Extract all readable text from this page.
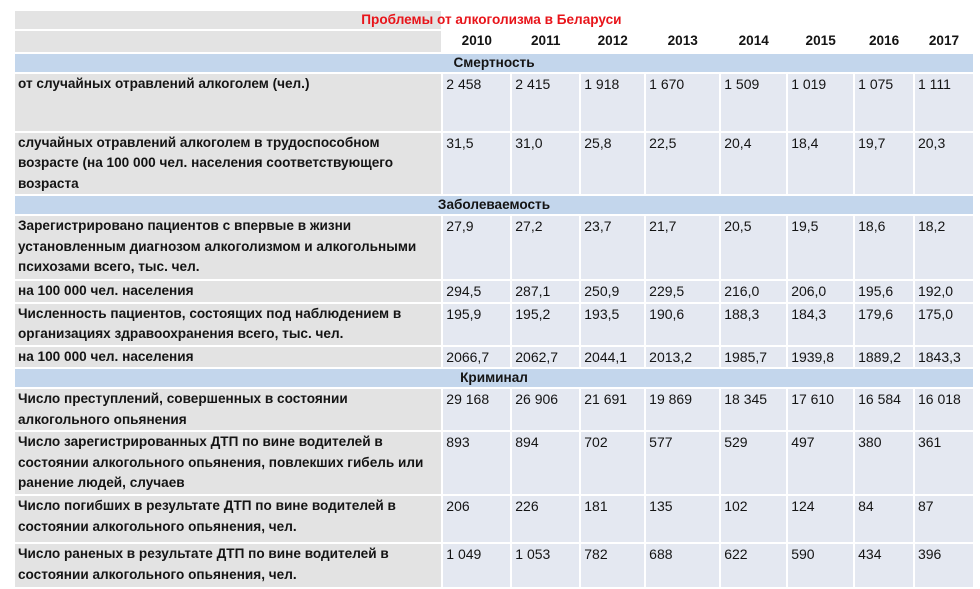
	Проблемы от алкоголизма в Беларуси							
	2010	2011	2012	2013	2014	2015	2016	2017
Смертность								
от случайных отравлений алкоголем (чел.)	2 458	2 415	1 918	1 670	1 509	1 019	1 075	1 111
случайных отравлений алкоголем в трудоспособном возрасте (на 100 000 чел. населения соответствующего возраста	31,5	31,0	25,8	22,5	20,4	18,4	19,7	20,3
Заболеваемость								
Зарегистрировано пациентов с впервые в жизни установленным диагнозом алкоголизмом и алкогольными психозами всего, тыс. чел.	27,9	27,2	23,7	21,7	20,5	19,5	18,6	18,2
на 100 000 чел. населения	294,5	287,1	250,9	229,5	216,0	206,0	195,6	192,0
Численность пациентов, состоящих под наблюдением в организациях здравоохранения всего, тыс. чел.	195,9	195,2	193,5	190,6	188,3	184,3	179,6	175,0
на 100 000 чел. населения	2066,7	2062,7	2044,1	2013,2	1985,7	1939,8	1889,2	1843,3
Криминал								
Число преступлений, совершенных в состоянии алкогольного опьянения	29 168	26 906	21 691	19 869	18 345	17 610	16 584	16 018
Число зарегистрированных ДТП по вине водителей в состоянии алкогольного опьянения, повлекших гибель или ранение людей, случаев	893	894	702	577	529	497	380	361
Число погибших в результате ДТП по вине водителей в состоянии алкогольного опьянения, чел.	206	226	181	135	102	124	84	87
Число раненых в результате ДТП по вине водителей в состоянии алкогольного опьянения, чел.	1 049	1 053	782	688	622	590	434	396
